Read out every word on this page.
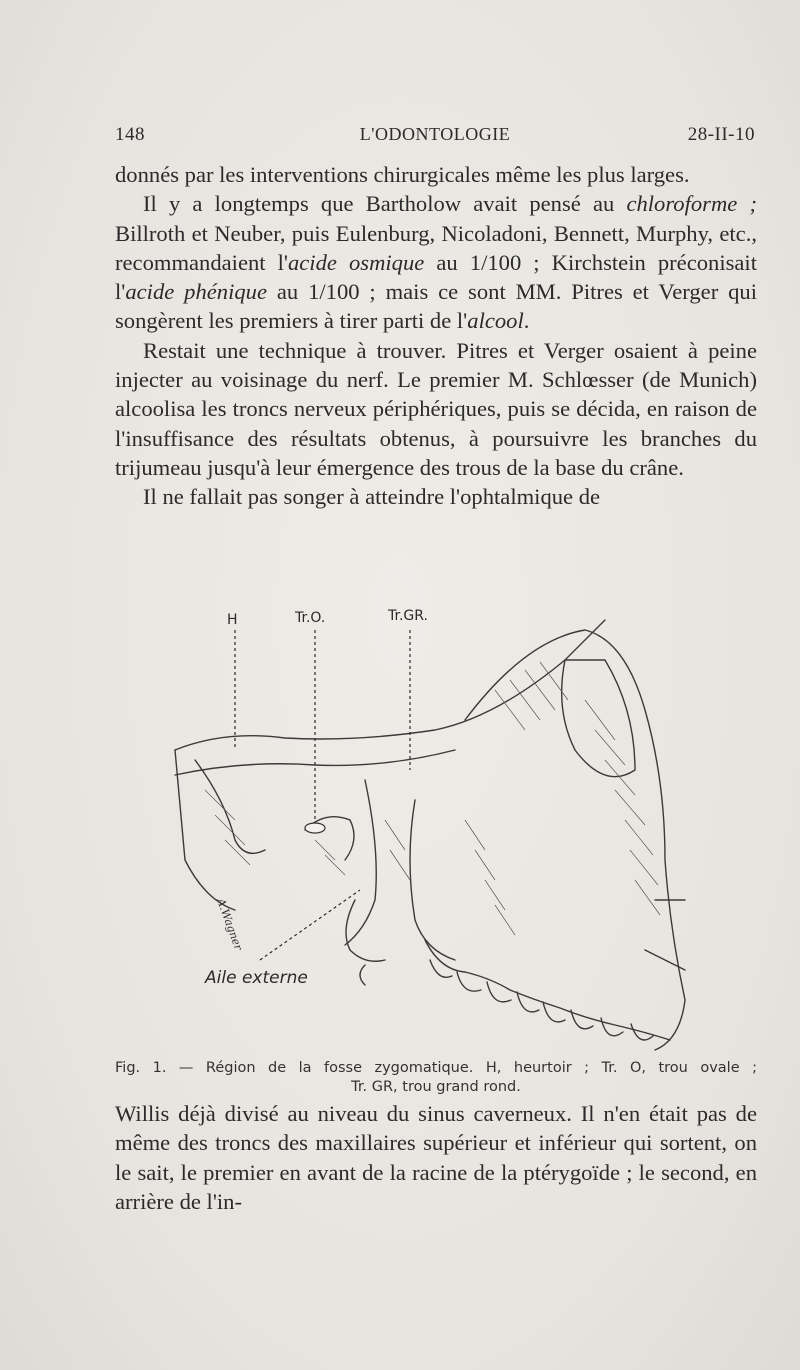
148	L'ODONTOLOGIE	28-II-10

donnés par les interventions chirurgicales même les plus larges.

Il y a longtemps que Bartholow avait pensé au chloroforme ; Billroth et Neuber, puis Eulenburg, Nicoladoni, Bennett, Murphy, etc., recommandaient l'acide osmique au 1/100 ; Kirchstein préconisait l'acide phénique au 1/100 ; mais ce sont MM. Pitres et Verger qui songèrent les premiers à tirer parti de l'alcool.

Restait une technique à trouver. Pitres et Verger osaient à peine injecter au voisinage du nerf. Le premier M. Schlœsser (de Munich) alcoolisa les troncs nerveux périphériques, puis se décida, en raison de l'insuffisance des résultats obtenus, à poursuivre les branches du trijumeau jusqu'à leur émergence des trous de la base du crâne.

Il ne fallait pas songer à atteindre l'ophtalmique de

H	Tr.O.	Tr.GR.
Aile externe
A.Wagner
Fig. 1. — Région de la fosse zygomatique. H, heurtoir ; Tr. O, trou ovale ;
Tr. GR, trou grand rond.

Willis déjà divisé au niveau du sinus caverneux. Il n'en était pas de même des troncs des maxillaires supérieur et inférieur qui sortent, on le sait, le premier en avant de la racine de la ptérygoïde ; le second, en arrière de l'in-
